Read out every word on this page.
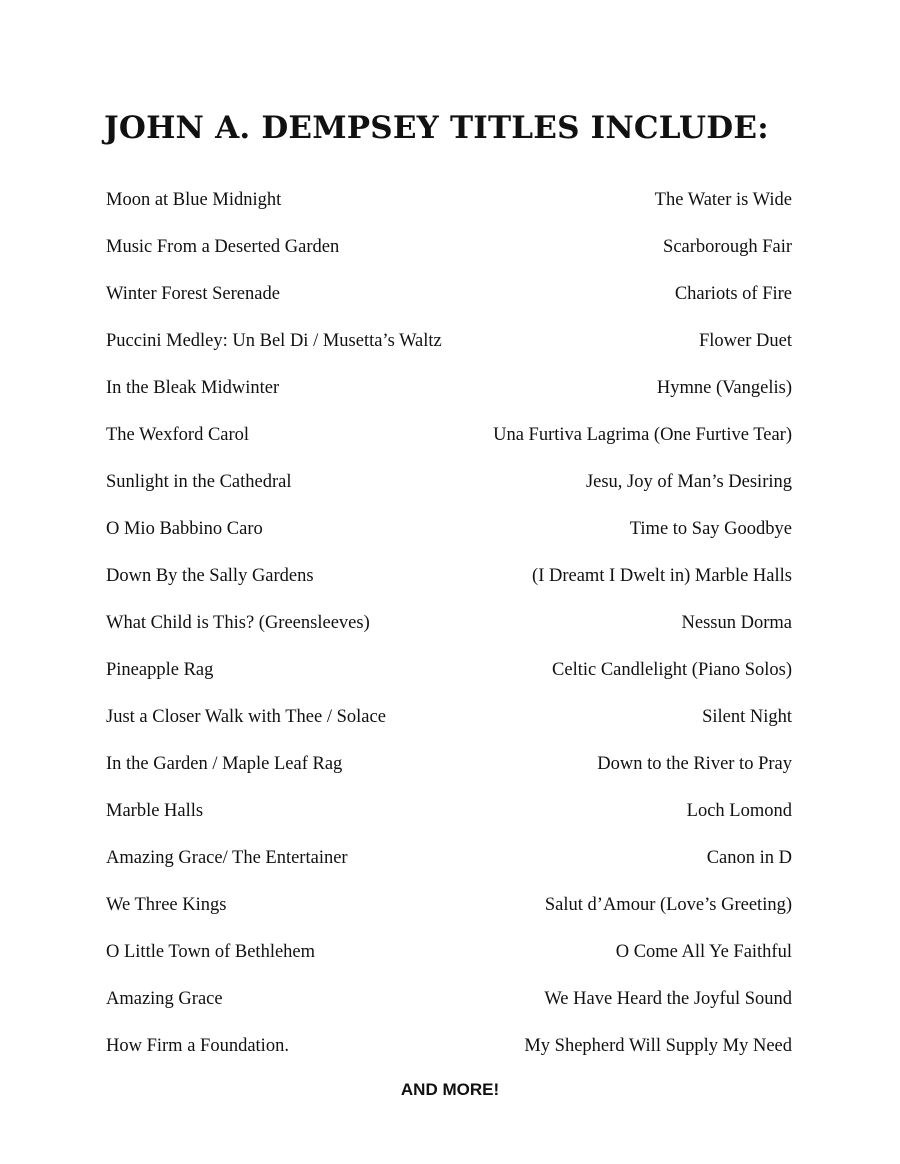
JOHN A. DEMPSEY TITLES INCLUDE:
Moon at Blue Midnight
Music From a Deserted Garden
Winter Forest Serenade
Puccini Medley: Un Bel Di / Musetta’s Waltz
In the Bleak Midwinter
The Wexford Carol
Sunlight in the Cathedral
O Mio Babbino Caro
Down By the Sally Gardens
What Child is This? (Greensleeves)
Pineapple Rag
Just a Closer Walk with Thee / Solace
In the Garden / Maple Leaf Rag
Marble Halls
Amazing Grace/ The Entertainer
We Three Kings
O Little Town of Bethlehem
Amazing Grace
How Firm a Foundation.
The Water is Wide
Scarborough Fair
Chariots of Fire
Flower Duet
Hymne (Vangelis)
Una Furtiva Lagrima (One Furtive Tear)
Jesu, Joy of Man’s Desiring
Time to Say Goodbye
(I Dreamt I Dwelt in) Marble Halls
Nessun Dorma
Celtic Candlelight (Piano Solos)
Silent Night
Down to the River to Pray
Loch Lomond
Canon in D
Salut d’Amour (Love’s Greeting)
O Come All Ye Faithful
We Have Heard the Joyful Sound
My Shepherd Will Supply My Need
AND MORE!
